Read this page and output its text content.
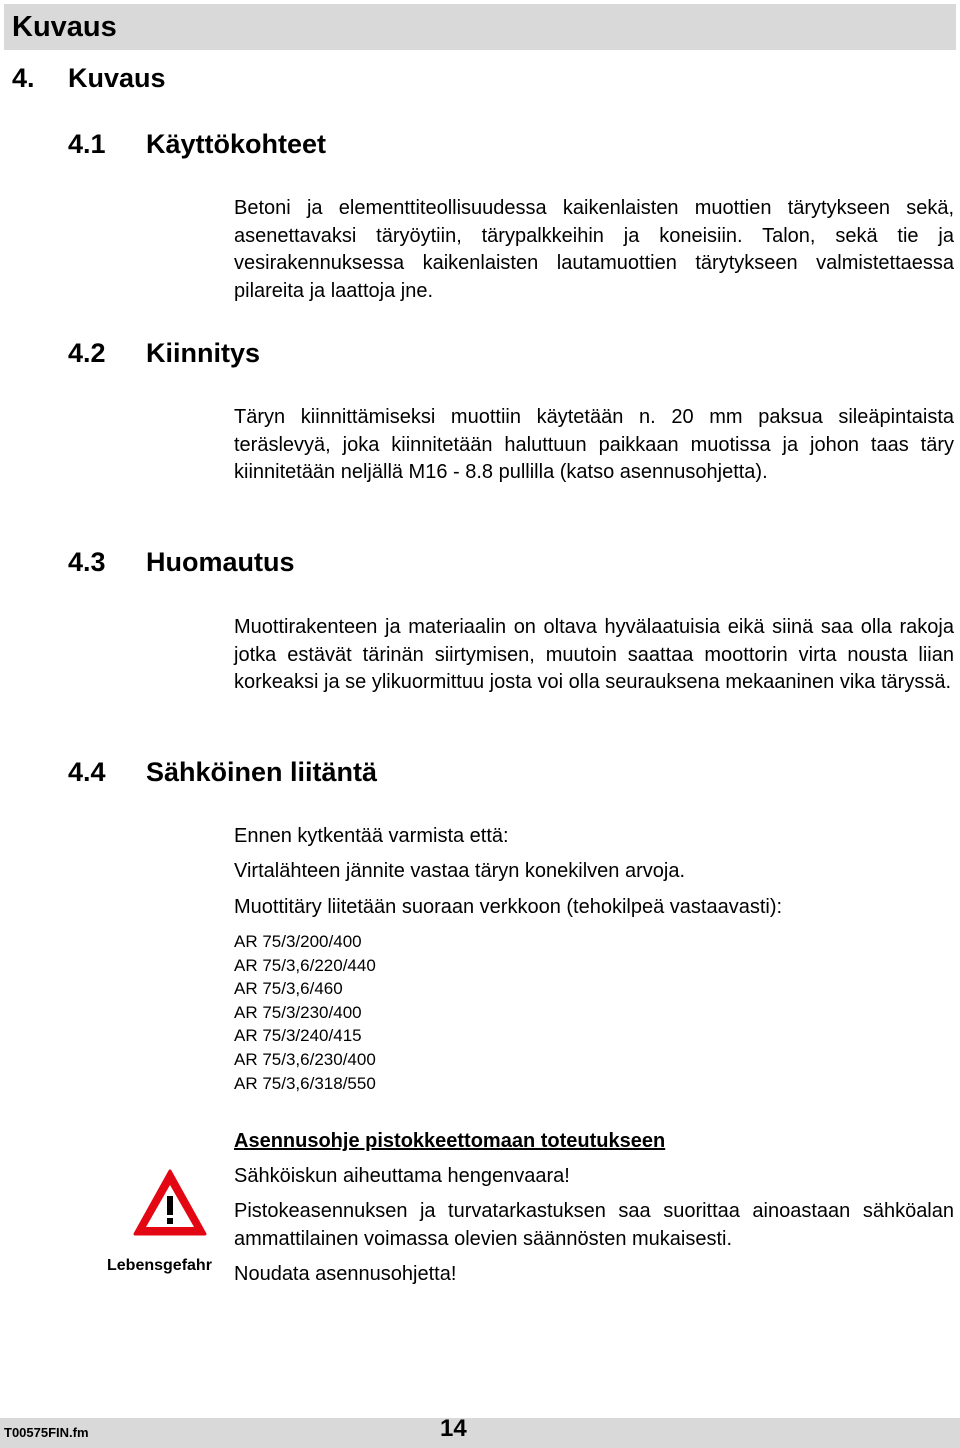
Kuvaus
4. Kuvaus
4.1 Käyttökohteet
Betoni ja elementtiteollisuudessa kaikenlaisten muottien tärytykseen sekä, asenettavaksi täryöytiin, tärypalkkeihin ja koneisiin. Talon, sekä tie ja vesirakennuksessa kaikenlaisten lautamuottien tärytykseen valmistettaessa pilareita ja laattoja jne.
4.2 Kiinnitys
Täryn kiinnittämiseksi muottiin käytetään n. 20 mm paksua sileäpintaista teräslevyä, joka kiinnitetään haluttuun paikkaan muotissa ja johon taas täry kiinnitetään neljällä M16 - 8.8 pullilla (katso asennusohjetta).
4.3 Huomautus
Muottirakenteen ja materiaalin on oltava hyvälaatuisia eikä siinä saa olla rakoja jotka estävät tärinän siirtymisen, muutoin saattaa moottorin virta nousta liian korkeaksi ja se ylikuormittuu josta voi olla seurauksena mekaaninen vika täryssä.
4.4 Sähköinen liitäntä
Ennen kytkentää varmista että:
Virtalähteen jännite vastaa täryn konekilven arvoja.
Muottitäry liitetään suoraan verkkoon (tehokilpeä vastaavasti):
AR 75/3/200/400
AR 75/3,6/220/440
AR 75/3,6/460
AR 75/3/230/400
AR 75/3/240/415
AR 75/3,6/230/400
AR 75/3,6/318/550
Lebensgefahr
Asennusohje pistokkeettomaan toteutukseen
Sähköiskun aiheuttama hengenvaara!
Pistokeasennuksen ja turvatarkastuksen saa suorittaa ainoastaan sähköalan ammattilainen voimassa olevien säännösten mukaisesti.
Noudata asennusohjetta!
T00575FIN.fm	14
